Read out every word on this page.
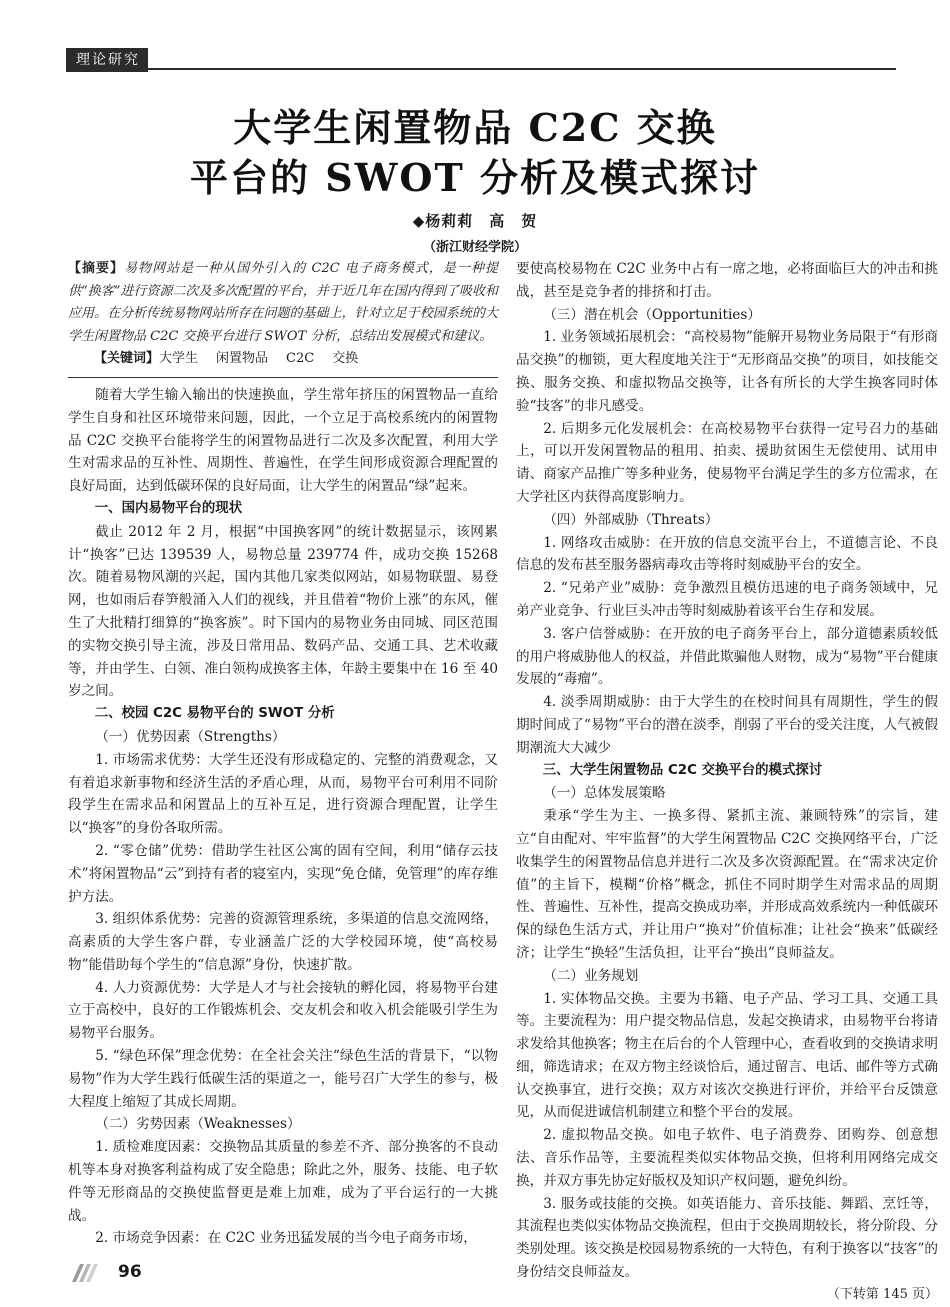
理论研究
大学生闲置物品 C2C 交换
平台的 SWOT 分析及模式探讨
◆杨莉莉　高　贺
（浙江财经学院）
【摘要】易物网站是一种从国外引入的 C2C 电子商务模式，是一种提供“换客”进行资源二次及多次配置的平台，并于近几年在国内得到了吸收和应用。在分析传统易物网站所存在问题的基础上，针对立足于校园系统的大学生闲置物品 C2C 交换平台进行 SWOT 分析，总结出发展模式和建议。

【关键词】大学生 闲置物品 C2C 交换

随着大学生输入输出的快速换血，学生常年挤压的闲置物品一直给学生自身和社区环境带来问题，因此，一个立足于高校系统内的闲置物品 C2C 交换平台能将学生的闲置物品进行二次及多次配置，利用大学生对需求品的互补性、周期性、普遍性，在学生间形成资源合理配置的良好局面，达到低碳环保的良好局面，让大学生的闲置品“绿”起来。

一、国内易物平台的现状

截止 2012 年 2 月，根据“中国换客网”的统计数据显示，该网累计“换客”已达 139539 人，易物总量 239774 件，成功交换 15268 次。随着易物风潮的兴起，国内其他几家类似网站，如易物联盟、易登网，也如雨后春笋般涌入人们的视线，并且借着“物价上涨”的东风，催生了大批精打细算的“换客族”。时下国内的易物业务由同城、同区范围的实物交换引导主流，涉及日常用品、数码产品、交通工具、艺术收藏等，并由学生、白领、准白领构成换客主体，年龄主要集中在 16 至 40 岁之间。

二、校园 C2C 易物平台的 SWOT 分析

（一）优势因素（Strengths）

1. 市场需求优势：大学生还没有形成稳定的、完整的消费观念，又有着追求新事物和经济生活的矛盾心理，从而，易物平台可利用不同阶段学生在需求品和闲置品上的互补互足，进行资源合理配置，让学生以“换客”的身份各取所需。

2. “零仓储”优势：借助学生社区公寓的固有空间，利用“储存云技术”将闲置物品“云”到持有者的寝室内，实现“免仓储，免管理”的库存维护方法。

3. 组织体系优势：完善的资源管理系统，多渠道的信息交流网络，高素质的大学生客户群，专业涵盖广泛的大学校园环境，使“高校易物”能借助每个学生的“信息源”身份，快速扩散。

4. 人力资源优势：大学是人才与社会接轨的孵化园，将易物平台建立于高校中，良好的工作锻炼机会、交友机会和收入机会能吸引学生为易物平台服务。

5. “绿色环保”理念优势：在全社会关注“绿色生活的背景下，“以物易物”作为大学生践行低碳生活的渠道之一，能号召广大学生的参与，极大程度上缩短了其成长周期。

（二）劣势因素（Weaknesses）

1. 质检难度因素：交换物品其质量的参差不齐、部分换客的不良动机等本身对换客利益构成了安全隐患；除此之外，服务、技能、电子软件等无形商品的交换使监督更是难上加难，成为了平台运行的一大挑战。

2. 市场竞争因素：在 C2C 业务迅猛发展的当今电子商务市场，

要使高校易物在 C2C 业务中占有一席之地，必将面临巨大的冲击和挑战，甚至是竞争者的排挤和打击。

（三）潜在机会（Opportunities）

1. 业务领域拓展机会：“高校易物”能解开易物业务局限于“有形商品交换”的枷锁，更大程度地关注于“无形商品交换”的项目，如技能交换、服务交换、和虚拟物品交换等，让各有所长的大学生换客同时体验“技客”的非凡感受。

2. 后期多元化发展机会：在高校易物平台获得一定号召力的基础上，可以开发闲置物品的租用、拍卖、援助贫困生无偿使用、试用申请、商家产品推广等多种业务，使易物平台满足学生的多方位需求，在大学社区内获得高度影响力。

（四）外部威胁（Threats）

1. 网络攻击威胁：在开放的信息交流平台上，不道德言论、不良信息的发布甚至服务器病毒攻击等将时刻威胁平台的安全。

2. “兄弟产业”威胁：竞争激烈且模仿迅速的电子商务领域中，兄弟产业竞争、行业巨头冲击等时刻威胁着该平台生存和发展。

3. 客户信誉威胁：在开放的电子商务平台上，部分道德素质较低的用户将威胁他人的权益，并借此欺骗他人财物，成为“易物”平台健康发展的“毒瘤”。

4. 淡季周期威胁：由于大学生的在校时间具有周期性，学生的假期时间成了“易物”平台的潜在淡季，削弱了平台的受关注度，人气被假期潮流大大减少

三、大学生闲置物品 C2C 交换平台的模式探讨

（一）总体发展策略

秉承“学生为主、一换多得、紧抓主流、兼顾特殊”的宗旨，建立“自由配对、牢牢监督”的大学生闲置物品 C2C 交换网络平台，广泛收集学生的闲置物品信息并进行二次及多次资源配置。在“需求决定价值”的主旨下，模糊“价格”概念，抓住不同时期学生对需求品的周期性、普遍性、互补性，提高交换成功率，并形成高效系统内一种低碳环保的绿色生活方式，并让用户“换对”价值标准；让社会“换来”低碳经济；让学生“换轻”生活负担，让平台“换出”良师益友。

（二）业务规划

1. 实体物品交换。主要为书籍、电子产品、学习工具、交通工具等。主要流程为：用户提交物品信息，发起交换请求，由易物平台将请求发给其他换客；物主在后台的个人管理中心，查看收到的交换请求明细，筛选请求；在双方物主经谈恰后，通过留言、电话、邮件等方式确认交换事宜，进行交换；双方对该次交换进行评价，并给平台反馈意见，从而促进诚信机制建立和整个平台的发展。

2. 虚拟物品交换。如电子软件、电子消费券、团购券、创意想法、音乐作品等，主要流程类似实体物品交换，但将利用网络完成交换，并双方事先协定好版权及知识产权问题，避免纠纷。

3. 服务或技能的交换。如英语能力、音乐技能、舞蹈、烹饪等，其流程也类似实体物品交换流程，但由于交换周期较长，将分阶段、分类别处理。该交换是校园易物系统的一大特色，有利于换客以“技客”的身份结交良师益友。

（下转第 145 页）

96
